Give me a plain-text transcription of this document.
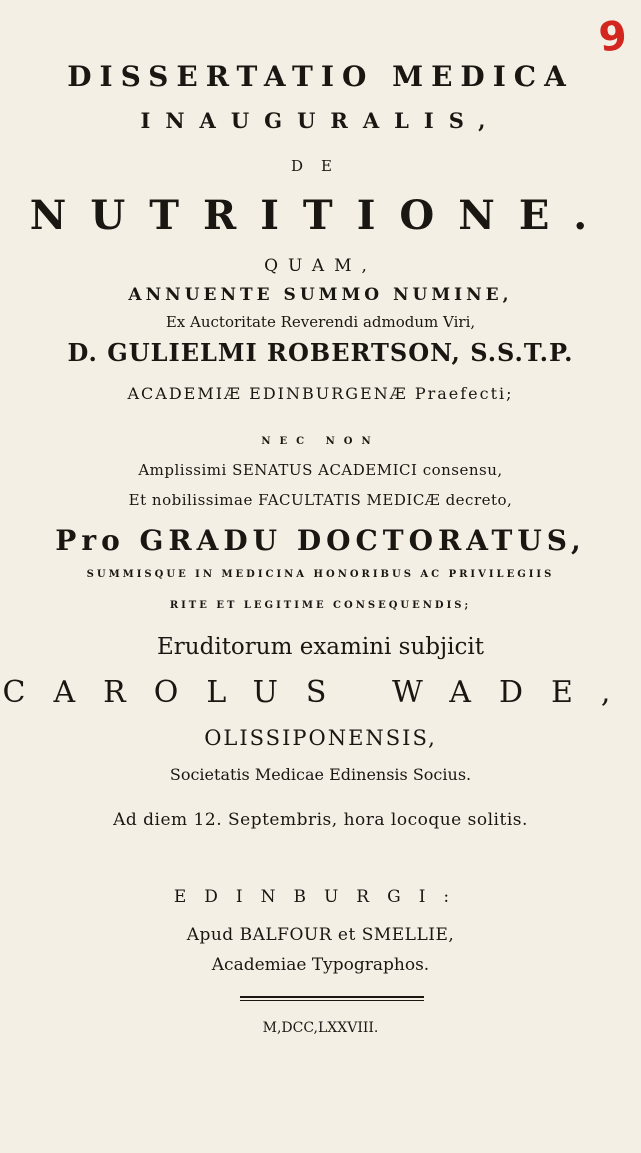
9
DISSERTATIO MEDICA
INAUGURALIS,
DE
NUTRITIONE.
QUAM,
ANNUENTE SUMMO NUMINE,
Ex Auctoritate Reverendi admodum Viri,
D. GULIELMI ROBERTSON, S.S.T.P.
ACADEMIÆ EDINBURGENÆ Praefecti;
NEC NON
Amplissimi SENATUS ACADEMICI consensu,
Et nobilissimae FACULTATIS MEDICÆ decreto,
Pro GRADU DOCTORATUS,
SUMMISQUE IN MEDICINA HONORIBUS AC PRIVILEGIIS
RITE ET LEGITIME CONSEQUENDIS;
Eruditorum examini subjicit
CAROLUS WADE,
OLISSIPONENSIS,
Societatis Medicae Edinensis Socius.
Ad diem 12. Septembris, hora locoque solitis.
EDINBURGI:
Apud BALFOUR et SMELLIE,
Academiae Typographos.
M,DCC,LXXVIII.
